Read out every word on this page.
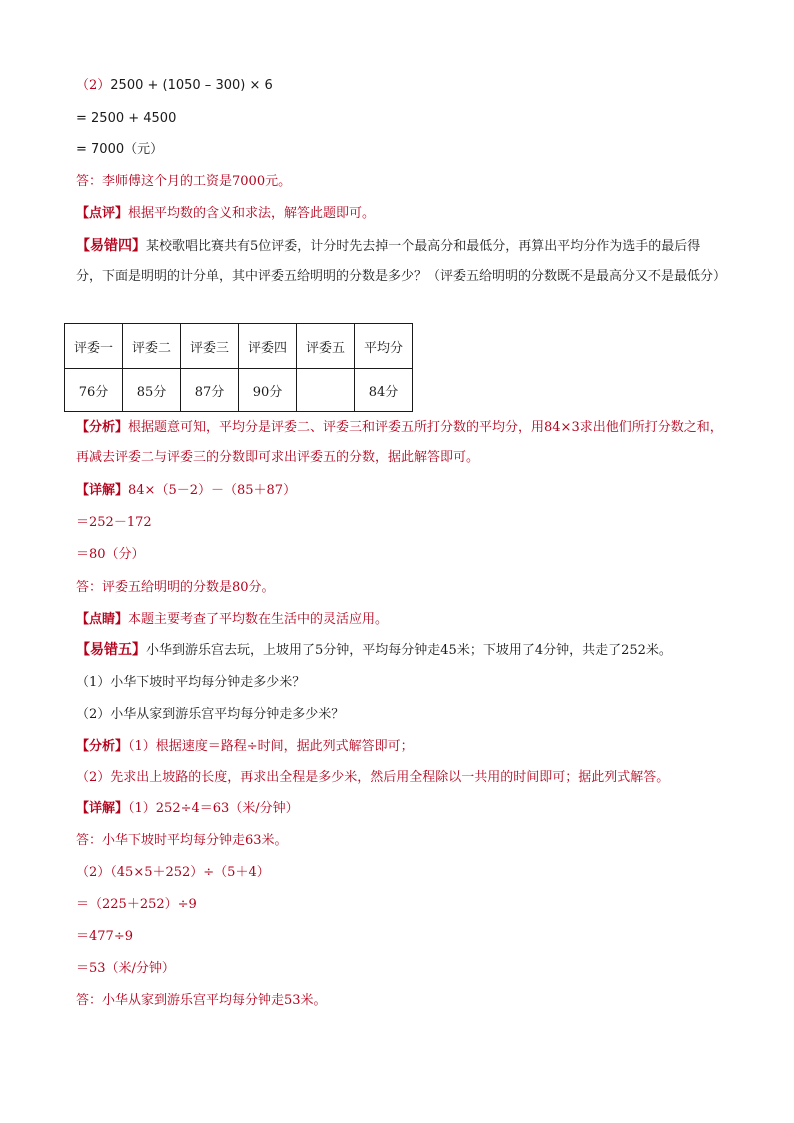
（2）2500 + (1050 – 300) × 6
= 2500 + 4500
= 7000（元）
答：李师傅这个月的工资是7000元。
【点评】根据平均数的含义和求法，解答此题即可。
【易错四】某校歌唱比赛共有5位评委，计分时先去掉一个最高分和最低分，再算出平均分作为选手的最后得分，下面是明明的计分单，其中评委五给明明的分数是多少？（评委五给明明的分数既不是最高分又不是最低分）
评委一	评委二	评委三	评委四	评委五	平均分
76分	85分	87分	90分		84分
【分析】根据题意可知，平均分是评委二、评委三和评委五所打分数的平均分，用84×3求出他们所打分数之和，再减去评委二与评委三的分数即可求出评委五的分数，据此解答即可。
【详解】84×（5－2）－（85＋87）
＝252－172
＝80（分）
答：评委五给明明的分数是80分。
【点睛】本题主要考查了平均数在生活中的灵活应用。
【易错五】小华到游乐宫去玩，上坡用了5分钟，平均每分钟走45米；下坡用了4分钟，共走了252米。
（1）小华下坡时平均每分钟走多少米？
（2）小华从家到游乐宫平均每分钟走多少米？
【分析】（1）根据速度＝路程÷时间，据此列式解答即可；
（2）先求出上坡路的长度，再求出全程是多少米，然后用全程除以一共用的时间即可；据此列式解答。
【详解】（1）252÷4＝63（米/分钟）
答：小华下坡时平均每分钟走63米。
（2）（45×5＋252）÷（5＋4）
＝（225＋252）÷9
＝477÷9
＝53（米/分钟）
答：小华从家到游乐宫平均每分钟走53米。
